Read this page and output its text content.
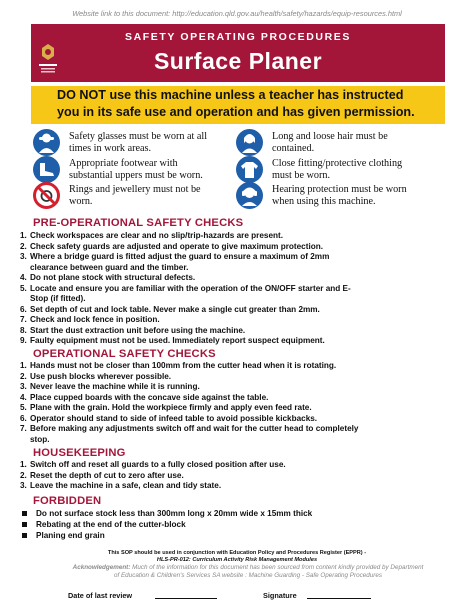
Website link to this document: http://education.qld.gov.au/health/safety/hazards/equip-resources.html
SAFETY OPERATING PROCEDURES
Surface Planer
DO NOT use this machine unless a teacher has instructed
you in its safe use and operation and has given permission.
Safety glasses must be worn at all
times in work areas.
Long and loose hair must be
contained.
Appropriate footwear with
substantial uppers must be worn.
Close fitting/protective clothing
must be worn.
Rings and jewellery must not be
worn.
Hearing protection must be worn
when using this machine.
PRE-OPERATIONAL SAFETY CHECKS
1. Check workspaces are clear and no slip/trip-hazards are present.
2. Check safety guards are adjusted and operate to give maximum protection.
3. Where a bridge guard is fitted adjust the guard to ensure a maximum of 2mm
clearance between guard and the timber.
4. Do not plane stock with structural defects.
5. Locate and ensure you are familiar with the operation of the ON/OFF starter and E-
Stop (if fitted).
6. Set depth of cut and lock table. Never make a single cut greater than 2mm.
7. Check and lock fence in position.
8. Start the dust extraction unit before using the machine.
9. Faulty equipment must not be used. Immediately report suspect equipment.
OPERATIONAL SAFETY CHECKS
1. Hands must not be closer than 100mm from the cutter head when it is rotating.
2. Use push blocks wherever possible.
3. Never leave the machine while it is running.
4. Place cupped boards with the concave side against the table.
5. Plane with the grain. Hold the workpiece firmly and apply even feed rate.
6. Operator should stand to side of infeed table to avoid possible kickbacks.
7. Before making any adjustments switch off and wait for the cutter head to completely
stop.
HOUSEKEEPING
1. Switch off and reset all guards to a fully closed position after use.
2. Reset the depth of cut to zero after use.
3. Leave the machine in a safe, clean and tidy state.
FORBIDDEN
Do not surface stock less than 300mm long x 20mm wide x 15mm thick
Rebating at the end of the cutter-block
Planing end grain
This SOP should be used in conjunction with Education Policy and Procedures Register (EPPR) -
HLS-PR-012: Curriculum Activity Risk Management Modules
Acknowledgement: Much of the information for this document has been sourced from content kindly provided by Department
of Education & Children's Services SA website : Machine Guarding - Safe Operating Procedures
Date of last review	Signature
